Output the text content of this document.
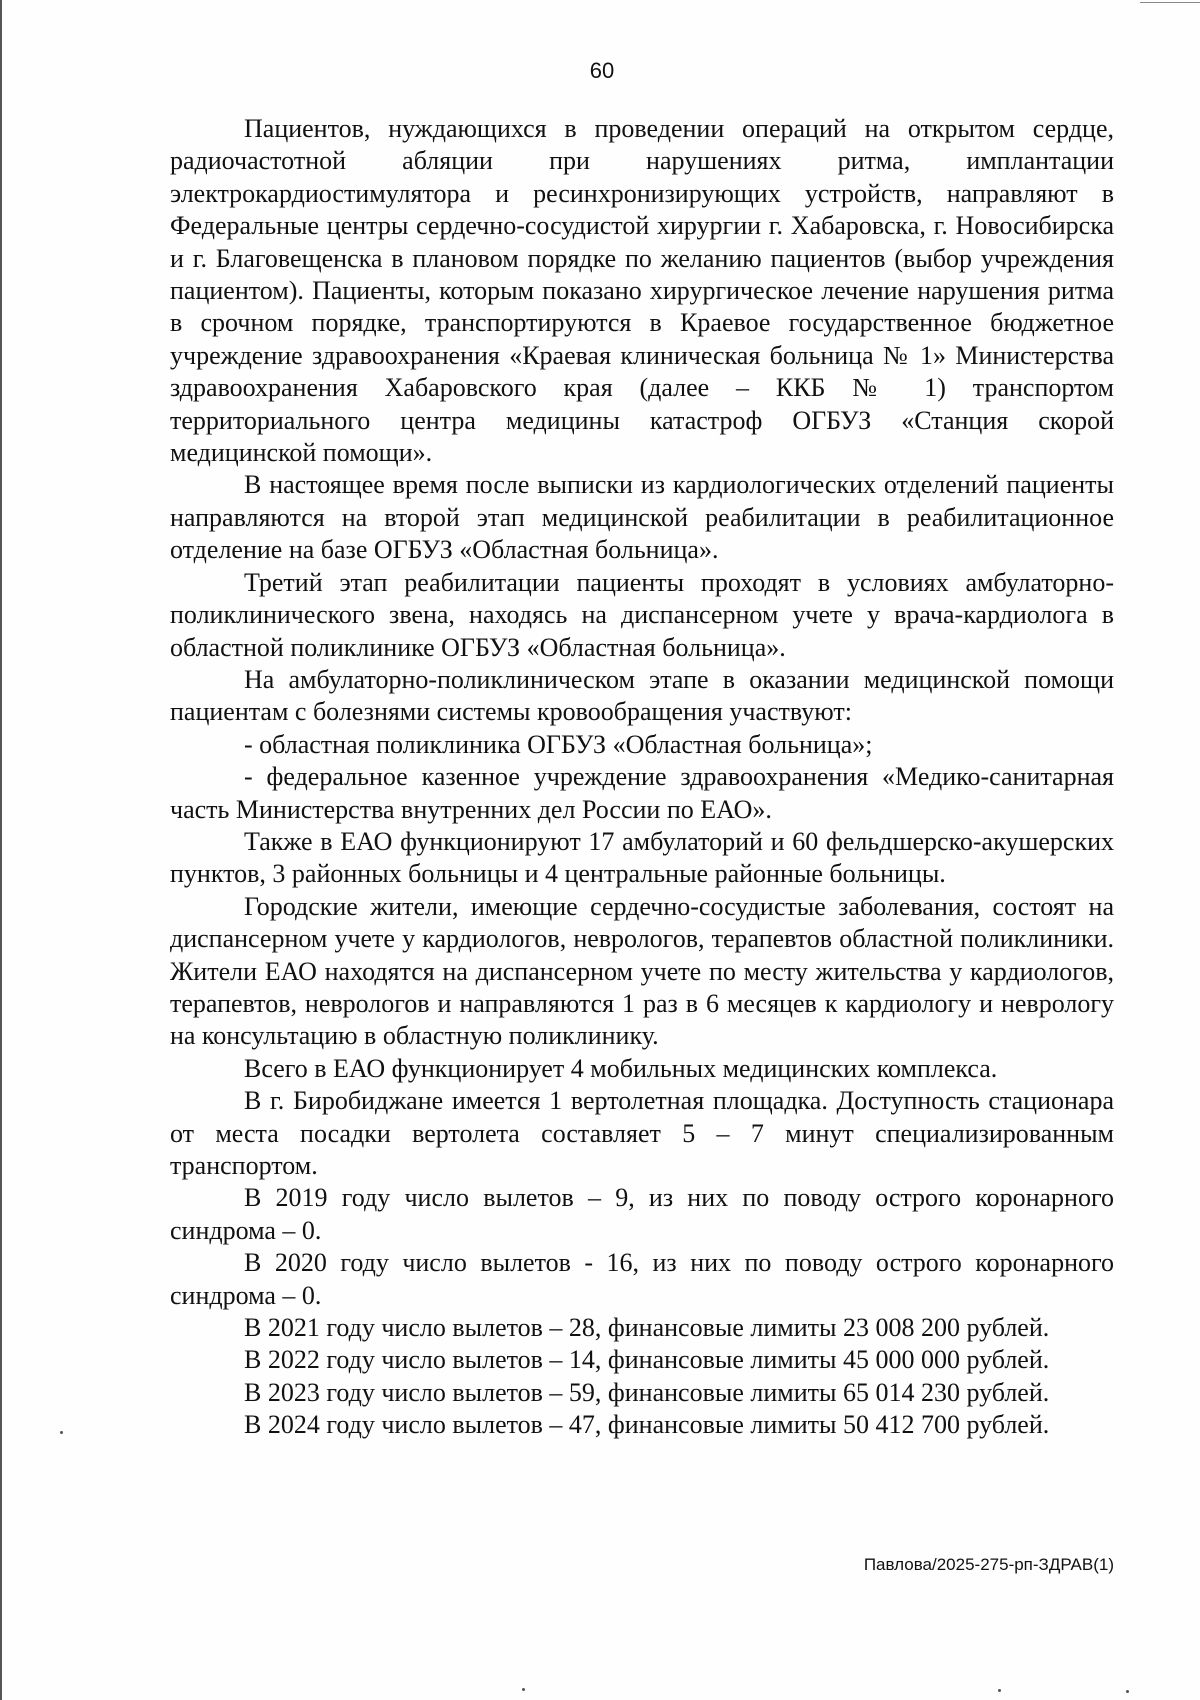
60

Пациентов, нуждающихся в проведении операций на открытом сердце, радиочастотной абляции при нарушениях ритма, имплантации электрокардиостимулятора и ресинхронизирующих устройств, направляют в Федеральные центры сердечно-сосудистой хирургии г. Хабаровска, г. Новосибирска и г. Благовещенска в плановом порядке по желанию пациентов (выбор учреждения пациентом). Пациенты, которым показано хирургическое лечение нарушения ритма в срочном порядке, транспортируются в Краевое государственное бюджетное учреждение здравоохранения «Краевая клиническая больница № 1» Министерства здравоохранения Хабаровского края (далее – ККБ № 1) транспортом территориального центра медицины катастроф ОГБУЗ «Станция скорой медицинской помощи».

В настоящее время после выписки из кардиологических отделений пациенты направляются на второй этап медицинской реабилитации в реабилитационное отделение на базе ОГБУЗ «Областная больница».

Третий этап реабилитации пациенты проходят в условиях амбулаторно-поликлинического звена, находясь на диспансерном учете у врача-кардиолога в областной поликлинике ОГБУЗ «Областная больница».

На амбулаторно-поликлиническом этапе в оказании медицинской помощи пациентам с болезнями системы кровообращения участвуют:

- областная поликлиника ОГБУЗ «Областная больница»;

- федеральное казенное учреждение здравоохранения «Медико-санитарная часть Министерства внутренних дел России по ЕАО».

Также в ЕАО функционируют 17 амбулаторий и 60 фельдшерско-акушерских пунктов, 3 районных больницы и 4 центральные районные больницы.

Городские жители, имеющие сердечно-сосудистые заболевания, состоят на диспансерном учете у кардиологов, неврологов, терапевтов областной поликлиники. Жители ЕАО находятся на диспансерном учете по месту жительства у кардиологов, терапевтов, неврологов и направляются 1 раз в 6 месяцев к кардиологу и неврологу на консультацию в областную поликлинику.

Всего в ЕАО функционирует 4 мобильных медицинских комплекса.

В г. Биробиджане имеется 1 вертолетная площадка. Доступность стационара от места посадки вертолета составляет 5 – 7 минут специализированным транспортом.

В 2019 году число вылетов – 9, из них по поводу острого коронарного синдрома – 0.

В 2020 году число вылетов - 16, из них по поводу острого коронарного синдрома – 0.

В 2021 году число вылетов – 28, финансовые лимиты 23 008 200 рублей.

В 2022 году число вылетов – 14, финансовые лимиты 45 000 000 рублей.

В 2023 году число вылетов – 59, финансовые лимиты 65 014 230 рублей.

В 2024 году число вылетов – 47, финансовые лимиты 50 412 700 рублей.

Павлова/2025-275-рп-ЗДРАВ(1)
